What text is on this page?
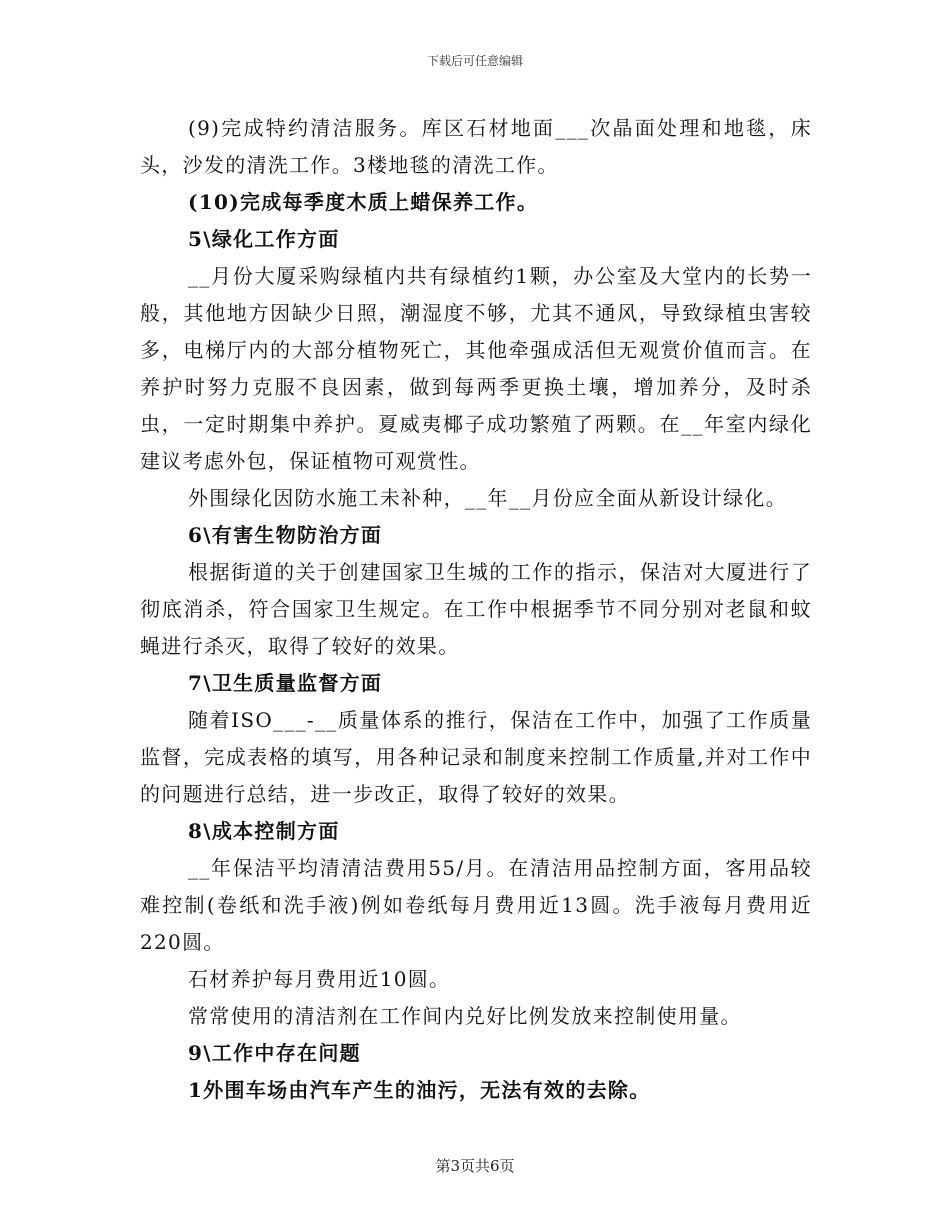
下载后可任意编辑

(9)完成特约清洁服务。库区石材地面___次晶面处理和地毯，床头，沙发的清洗工作。3楼地毯的清洗工作。

(10)完成每季度木质上蜡保养工作。

5\绿化工作方面

__月份大厦采购绿植内共有绿植约1颗，办公室及大堂内的长势一般，其他地方因缺少日照，潮湿度不够，尤其不通风，导致绿植虫害较多，电梯厅内的大部分植物死亡，其他牵强成活但无观赏价值而言。在养护时努力克服不良因素，做到每两季更换土壤，增加养分，及时杀虫，一定时期集中养护。夏威夷椰子成功繁殖了两颗。在__年室内绿化建议考虑外包，保证植物可观赏性。

外围绿化因防水施工未补种，__年__月份应全面从新设计绿化。

6\有害生物防治方面

根据街道的关于创建国家卫生城的工作的指示，保洁对大厦进行了彻底消杀，符合国家卫生规定。在工作中根据季节不同分别对老鼠和蚊蝇进行杀灭，取得了较好的效果。

7\卫生质量监督方面

随着ISO___-__质量体系的推行，保洁在工作中，加强了工作质量监督，完成表格的填写，用各种记录和制度来控制工作质量,并对工作中的问题进行总结，进一步改正，取得了较好的效果。

8\成本控制方面

__年保洁平均清清洁费用55/月。在清洁用品控制方面，客用品较难控制(卷纸和洗手液)例如卷纸每月费用近13圆。洗手液每月费用近220圆。

石材养护每月费用近10圆。

常常使用的清洁剂在工作间内兑好比例发放来控制使用量。

9\工作中存在问题

1外围车场由汽车产生的油污，无法有效的去除。

第3页共6页
